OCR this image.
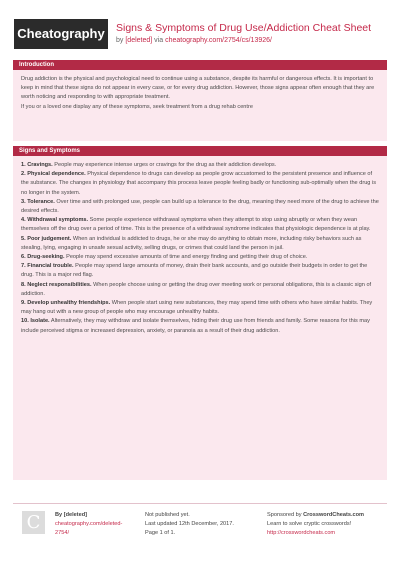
Cheatography	Signs & Symptoms of Drug Use/Addiction Cheat Sheet
by [deleted] via cheatography.com/2754/cs/13926/
Introduction

Drug addiction is the physical and psychological need to continue using a substance, despite its harmful or dangerous effects. It is important to keep in mind that these signs do not appear in every case, or for every drug addiction. However, those signs appear often enough that they are worth noticing and responding to with appropriate treatment.

If you or a loved one display any of these symptoms, seek treatment from a drug rehab centre

Signs and Symptoms

1. Cravings. People may experience intense urges or cravings for the drug as their addiction develops.

2. Physical dependence. Physical dependence to drugs can develop as people grow accustomed to the persistent presence and influence of the substance. The changes in physiology that accompany this process leave people feeling badly or functioning sub-optimally when the drug is no longer in the system.

3. Tolerance. Over time and with prolonged use, people can build up a tolerance to the drug, meaning they need more of the drug to achieve the desired effects.

4. Withdrawal symptoms. Some people experience withdrawal symptoms when they attempt to stop using abruptly or when they wean themselves off the drug over a period of time. This is the presence of a withdrawal syndrome indicates that physiologic dependence is at play.

5. Poor judgement. When an individual is addicted to drugs, he or she may do anything to obtain more, including risky behaviors such as stealing, lying, engaging in unsafe sexual activity, selling drugs, or crimes that could land the person in jail.

6. Drug-seeking. People may spend excessive amounts of time and energy finding and getting their drug of choice.

7. Financial trouble. People may spend large amounts of money, drain their bank accounts, and go outside their budgets in order to get the drug. This is a major red flag.

8. Neglect responsibilities. When people choose using or getting the drug over meeting work or personal obligations, this is a classic sign of addiction.

9. Develop unhealthy friendships. When people start using new substances, they may spend time with others who have similar habits. They may hang out with a new group of people who may encourage unhealthy habits.

10. Isolate. Alternatively, they may withdraw and isolate themselves, hiding their drug use from friends and family. Some reasons for this may include perceived stigma or increased depression, anxiety, or paranoia as a result of their drug addiction.

C	By [deleted]
cheatography.com/deleted-
2754/
Not published yet.
Last updated 12th December, 2017.
Page 1 of 1.
Sponsored by CrosswordCheats.com
Learn to solve cryptic crosswords!
http://crosswordcheats.com
